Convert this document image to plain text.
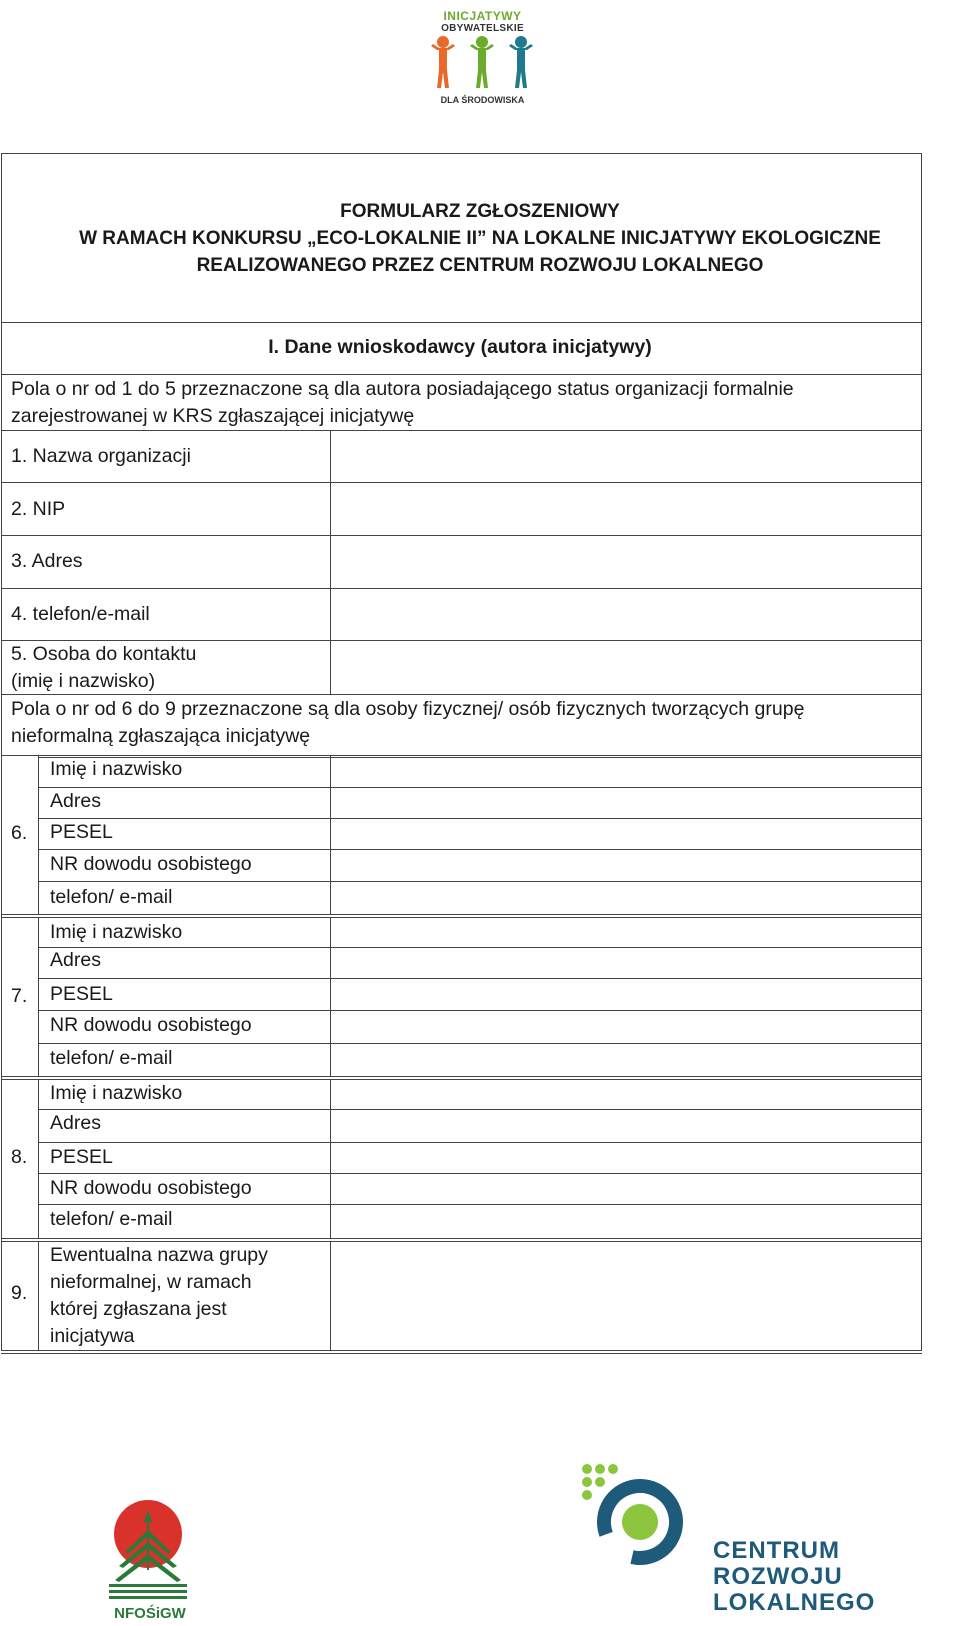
INICJATYWY
OBYWATELSKIE
DLA ŚRODOWISKA
FORMULARZ ZGŁOSZENIOWY
W RAMACH KONKURSU „ECO-LOKALNIE II” NA LOKALNE INICJATYWY EKOLOGICZNE
REALIZOWANEGO PRZEZ CENTRUM ROZWOJU LOKALNEGO
I. Dane wnioskodawcy (autora inicjatywy)
Pola o nr od 1 do 5 przeznaczone są dla autora posiadającego status organizacji formalnie
zarejestrowanej w KRS zgłaszającej inicjatywę
1. Nazwa organizacji
2. NIP
3. Adres
4. telefon/e-mail
5. Osoba do kontaktu
(imię i nazwisko)
Pola o nr od 6 do 9 przeznaczone są dla osoby fizycznej/ osób fizycznych tworzących grupę
nieformalną zgłaszająca inicjatywę
6.
Imię i nazwisko
Adres
PESEL
NR dowodu osobistego
telefon/ e-mail
7.
Imię i nazwisko
Adres
PESEL
NR dowodu osobistego
telefon/ e-mail
8.
Imię i nazwisko
Adres
PESEL
NR dowodu osobistego
telefon/ e-mail
9.
Ewentualna nazwa grupy
nieformalnej, w ramach
której zgłaszana jest
inicjatywa
NFOŚiGW
CENTRUM
ROZWOJU
LOKALNEGO
